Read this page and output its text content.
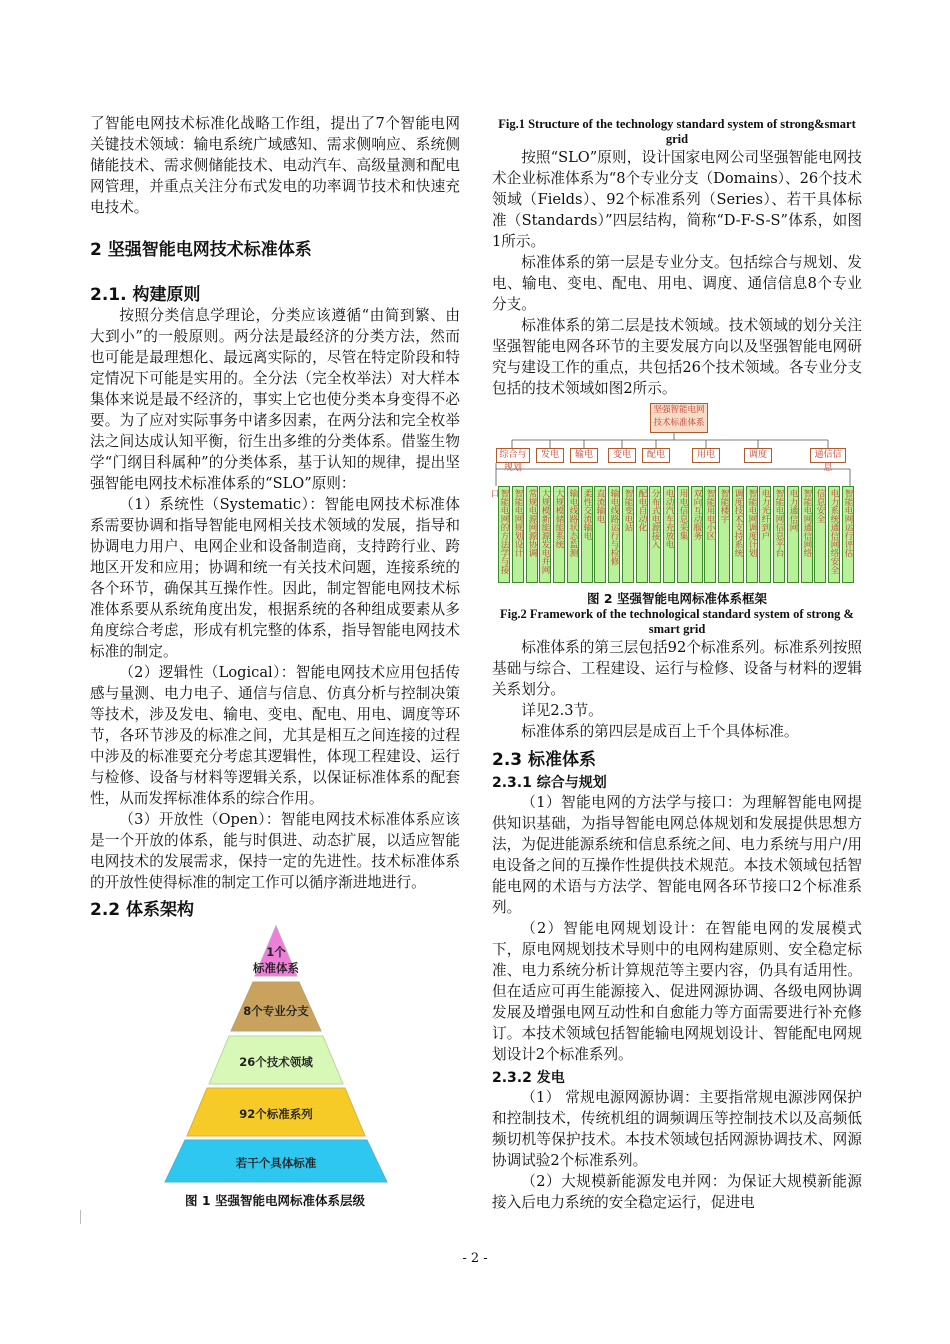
了智能电网技术标准化战略工作组，提出了7个智能电网关键技术领域：输电系统广域感知、需求侧响应、系统侧储能技术、需求侧储能技术、电动汽车、高级量测和配电网管理，并重点关注分布式发电的功率调节技术和快速充电技术。

2 坚强智能电网技术标准体系
2.1. 构建原则

按照分类信息学理论，分类应该遵循“由简到繁、由大到小”的一般原则。两分法是最经济的分类方法，然而也可能是最理想化、最远离实际的，尽管在特定阶段和特定情况下可能是实用的。全分法（完全枚举法）对大样本集体来说是最不经济的，事实上它也使分类本身变得不必要。为了应对实际事务中诸多因素，在两分法和完全枚举法之间达成认知平衡，衍生出多维的分类体系。借鉴生物学“门纲目科属种”的分类体系，基于认知的规律，提出坚强智能电网技术标准体系的“SLO”原则：

（1）系统性（Systematic）：智能电网技术标准体系需要协调和指导智能电网相关技术领域的发展，指导和协调电力用户、电网企业和设备制造商，支持跨行业、跨地区开发和应用；协调和统一有关技术问题，连接系统的各个环节，确保其互操作性。因此，制定智能电网技术标准体系要从系统角度出发，根据系统的各种组成要素从多角度综合考虑，形成有机完整的体系，指导智能电网技术标准的制定。

（2）逻辑性（Logical）：智能电网技术应用包括传感与量测、电力电子、通信与信息、仿真分析与控制决策等技术，涉及发电、输电、变电、配电、用电、调度等环节，各环节涉及的标准之间，尤其是相互之间连接的过程中涉及的标准要充分考虑其逻辑性，体现工程建设、运行与检修、设备与材料等逻辑关系，以保证标准体系的配套性，从而发挥标准体系的综合作用。

（3）开放性（Open）：智能电网技术标准体系应该是一个开放的体系，能与时俱进、动态扩展，以适应智能电网技术的发展需求，保持一定的先进性。技术标准体系的开放性使得标准的制定工作可以循序渐进地进行。

2.2 体系架构
1个
标准体系
8个专业分支
26个技术领域
92个标准系列
若干个具体标准

图 1 坚强智能电网标准体系层级

Fig.1 Structure of the technology standard system of strong&smart grid

按照“SLO”原则，设计国家电网公司坚强智能电网技术企业标准体系为“8个专业分支（Domains）、26个技术领域（Fields）、92个标准系列（Series）、若干具体标准（Standards）”四层结构，简称“D-F-S-S”体系，如图1所示。

标准体系的第一层是专业分支。包括综合与规划、发电、输电、变电、配电、用电、调度、通信信息8个专业分支。

标准体系的第二层是技术领域。技术领域的划分关注坚强智能电网各环节的主要发展方向以及坚强智能电网研究与建设工作的重点，共包括26个技术领域。各专业分支包括的技术领域如图2所示。

坚强智能电网技术标准体系
综合与规划
发电	输电	变电	配电	用电	调度	通信信息
智能电网的方法学与接口	智能电网规划设计 常规电源网源协调 大规模新能源发电并网 大规模储能系统 输电线路状态监测 柔性交流输电 直流输电 输电线路运行与检修 智能变电站 配电自动化 分布式电源接入 电动汽车充放电 用电信息采集 双向互动服务 智能用电小区 智能楼宇 调度技术支持系统 智能电网调度计划 电力光纤到户 智能电网信息平台 电力通信网 智能电网通信网络 信息安全 电力系统通信网络安全 智能电网运行评估

图 2 坚强智能电网标准体系框架

Fig.2 Framework of the technological standard system of strong & smart grid

标准体系的第三层包括92个标准系列。标准系列按照基础与综合、工程建设、运行与检修、设备与材料的逻辑关系划分。

详见2.3节。

标准体系的第四层是成百上千个具体标准。

2.3 标准体系
2.3.1 综合与规划

（1）智能电网的方法学与接口：为理解智能电网提供知识基础，为指导智能电网总体规划和发展提供思想方法，为促进能源系统和信息系统之间、电力系统与用户/用电设备之间的互操作性提供技术规范。本技术领域包括智能电网的术语与方法学、智能电网各环节接口2个标准系列。

（2）智能电网规划设计：在智能电网的发展模式下，原电网规划技术导则中的电网构建原则、安全稳定标准、电力系统分析计算规范等主要内容，仍具有适用性。但在适应可再生能源接入、促进网源协调、各级电网协调发展及增强电网互动性和自愈能力等方面需要进行补充修订。本技术领域包括智能输电网规划设计、智能配电网规划设计2个标准系列。

2.3.2 发电

（1） 常规电源网源协调：主要指常规电源涉网保护和控制技术，传统机组的调频调压等控制技术以及高频低频切机等保护技术。本技术领域包括网源协调技术、网源协调试验2个标准系列。

（2）大规模新能源发电并网：为保证大规模新能源接入后电力系统的安全稳定运行，促进电

- 2 -
